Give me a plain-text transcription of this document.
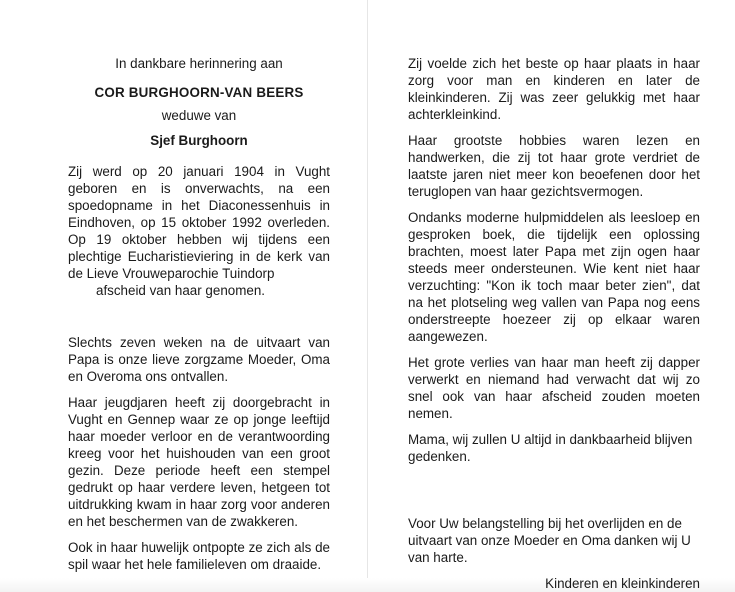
In dankbare herinnering aan

COR BURGHOORN-VAN BEERS

weduwe van

Sjef Burghoorn

Zij werd op 20 januari 1904 in Vught geboren en is onverwachts, na een spoedopname in het Diaconessenhuis in Eindhoven, op 15 oktober 1992 overleden. Op 19 oktober hebben wij tijdens een plechtige Eucharistieviering in de kerk van de Lieve Vrouweparochie Tuindorp
afscheid van haar genomen.

Slechts zeven weken na de uitvaart van Papa is onze lieve zorgzame Moeder, Oma en Overoma ons ontvallen.

Haar jeugdjaren heeft zij doorgebracht in Vught en Gennep waar ze op jonge leeftijd haar moeder verloor en de verantwoording kreeg voor het huishouden van een groot gezin. Deze periode heeft een stempel gedrukt op haar verdere leven, hetgeen tot uitdrukking kwam in haar zorg voor anderen en het beschermen van de zwakkeren.

Ook in haar huwelijk ontpopte ze zich als de spil waar het hele familieleven om draaide.

Zij voelde zich het beste op haar plaats in haar zorg voor man en kinderen en later de kleinkinderen. Zij was zeer gelukkig met haar achterkleinkind.

Haar grootste hobbies waren lezen en handwerken, die zij tot haar grote verdriet de laatste jaren niet meer kon beoefenen door het teruglopen van haar gezichtsvermogen.

Ondanks moderne hulpmiddelen als leesloep en gesproken boek, die tijdelijk een oplossing brachten, moest later Papa met zijn ogen haar steeds meer ondersteunen. Wie kent niet haar verzuchting: "Kon ik toch maar beter zien", dat na het plotseling weg vallen van Papa nog eens onderstreepte hoezeer zij op elkaar waren aangewezen.

Het grote verlies van haar man heeft zij dapper verwerkt en niemand had verwacht dat wij zo snel ook van haar afscheid zouden moeten nemen.

Mama, wij zullen U altijd in dankbaarheid blijven gedenken.

Voor Uw belangstelling bij het overlijden en de uitvaart van onze Moeder en Oma danken wij U van harte.

Kinderen en kleinkinderen
